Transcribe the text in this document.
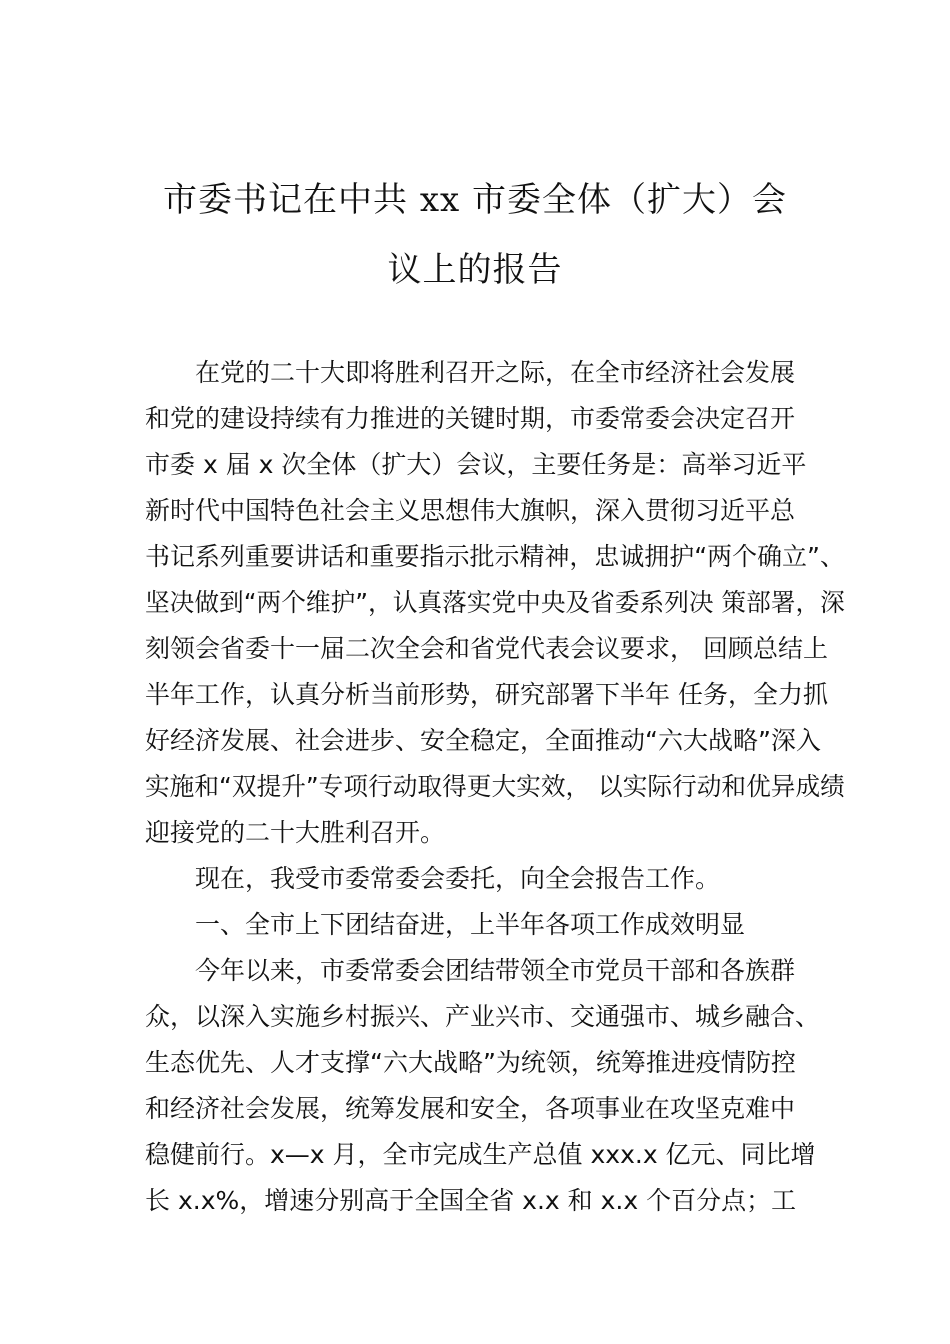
市委书记在中共 xx 市委全体（扩大）会
议上的报告
在党的二十大即将胜利召开之际，在全市经济社会发展
和党的建设持续有力推进的关键时期，市委常委会决定召开
市委 x 届 x 次全体（扩大）会议，主要任务是：高举习近平
新时代中国特色社会主义思想伟大旗帜，深入贯彻习近平总
书记系列重要讲话和重要指示批示精神，忠诚拥护“两个确立”、
坚决做到“两个维护”，认真落实党中央及省委系列决 策部署，深
刻领会省委十一届二次全会和省党代表会议要求， 回顾总结上
半年工作，认真分析当前形势，研究部署下半年 任务，全力抓
好经济发展、社会进步、安全稳定，全面推动“六大战略”深入
实施和“双提升”专项行动取得更大实效， 以实际行动和优异成绩
迎接党的二十大胜利召开。
现在，我受市委常委会委托，向全会报告工作。
一、全市上下团结奋进，上半年各项工作成效明显
今年以来，市委常委会团结带领全市党员干部和各族群
众，以深入实施乡村振兴、产业兴市、交通强市、城乡融合、
生态优先、人才支撑“六大战略”为统领，统筹推进疫情防控
和经济社会发展，统筹发展和安全，各项事业在攻坚克难中
稳健前行。x—x 月，全市完成生产总值 xxx.x 亿元、同比增
长 x.x%，增速分别高于全国全省 x.x 和 x.x 个百分点；工
